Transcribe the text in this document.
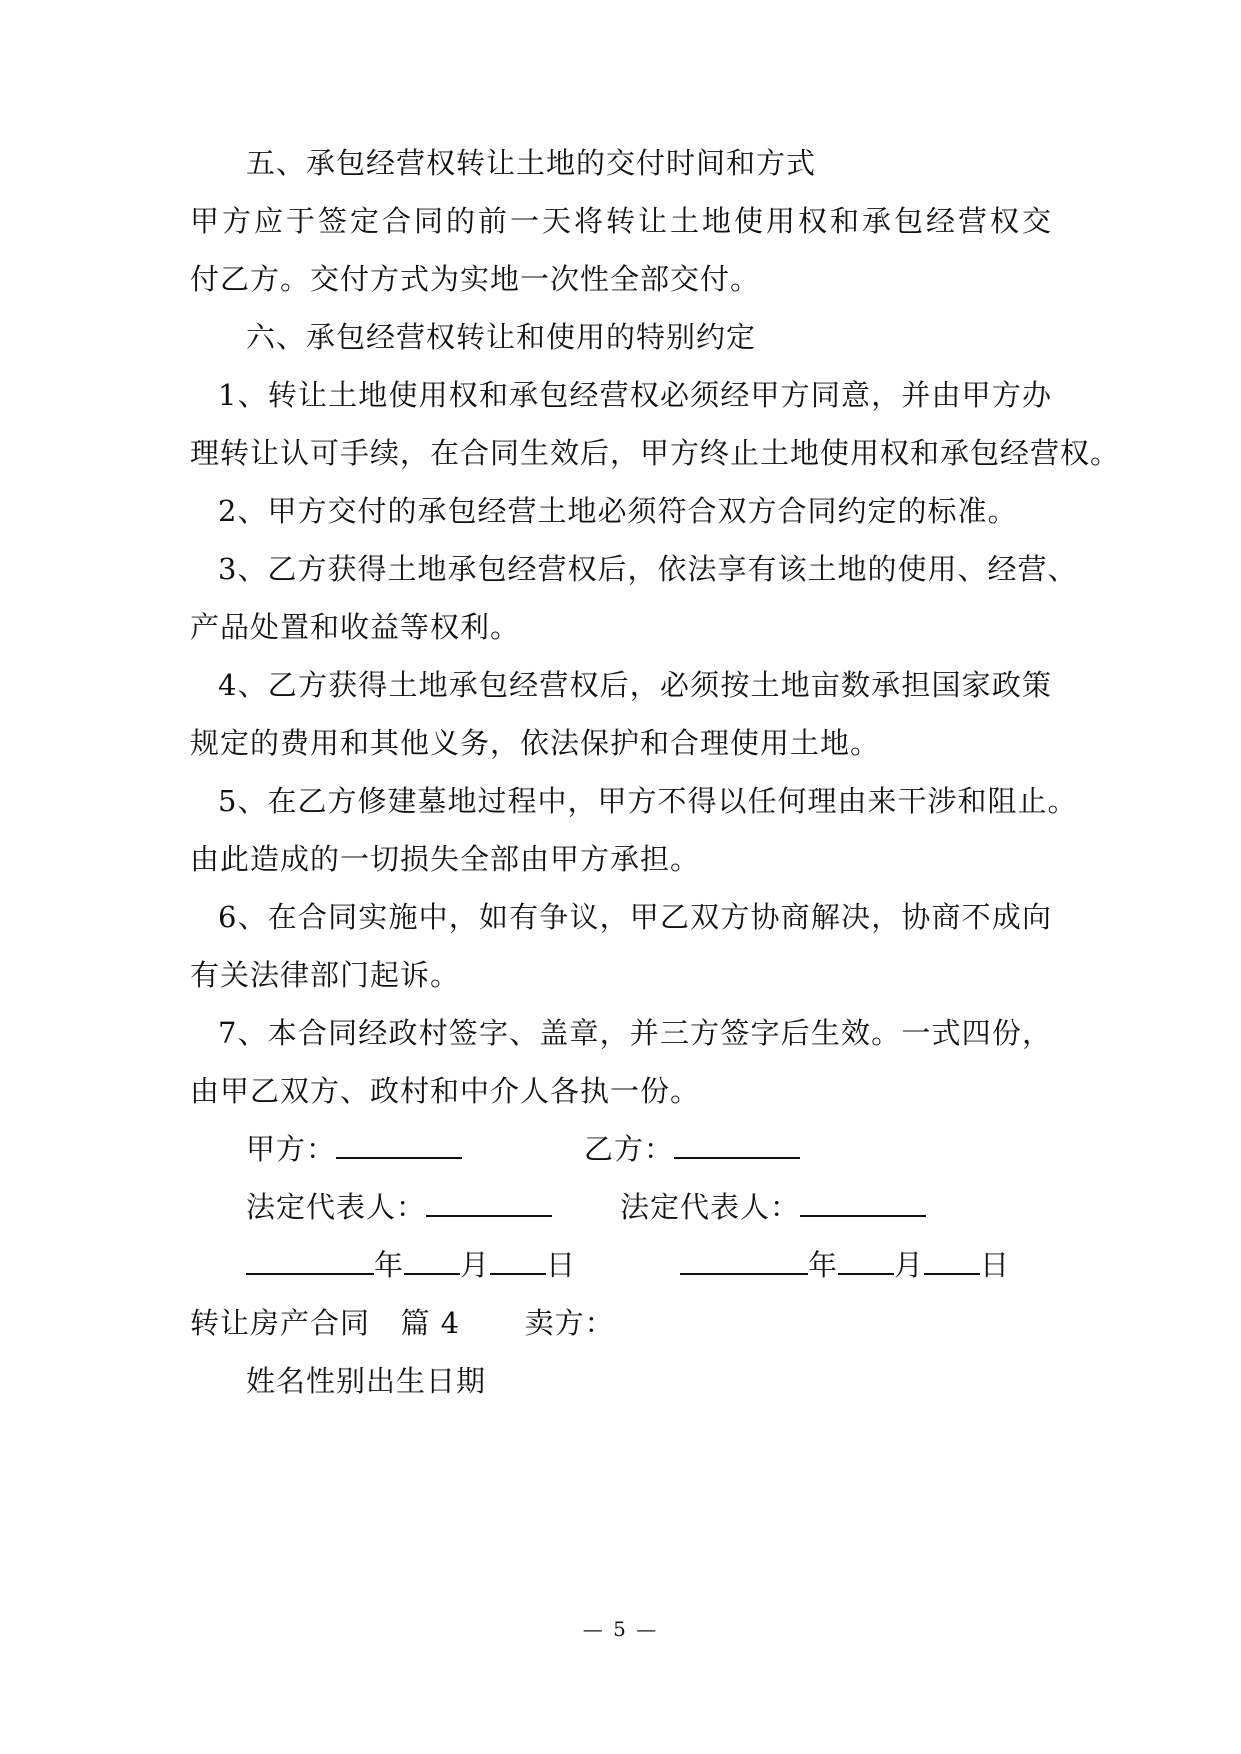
五、承包经营权转让土地的交付时间和方式
甲方应于签定合同的前一天将转让土地使用权和承包经营权交
付乙方。交付方式为实地一次性全部交付。
六、承包经营权转让和使用的特别约定
1、转让土地使用权和承包经营权必须经甲方同意，并由甲方办
理转让认可手续，在合同生效后，甲方终止土地使用权和承包经营权。
2、甲方交付的承包经营土地必须符合双方合同约定的标准。
3、乙方获得土地承包经营权后，依法享有该土地的使用、经营、
产品处置和收益等权利。
4、乙方获得土地承包经营权后，必须按土地亩数承担国家政策
规定的费用和其他义务，依法保护和合理使用土地。
5、在乙方修建墓地过程中，甲方不得以任何理由来干涉和阻止。
由此造成的一切损失全部由甲方承担。
6、在合同实施中，如有争议，甲乙双方协商解决，协商不成向
有关法律部门起诉。
7、本合同经政村签字、盖章，并三方签字后生效。一式四份，
由甲乙双方、政村和中介人各执一份。
甲方：	乙方：
法定代表人：	法定代表人：
年 月 日	年 月 日
转让房产合同 篇 4 卖方：
姓名性别出生日期
— 5 —
